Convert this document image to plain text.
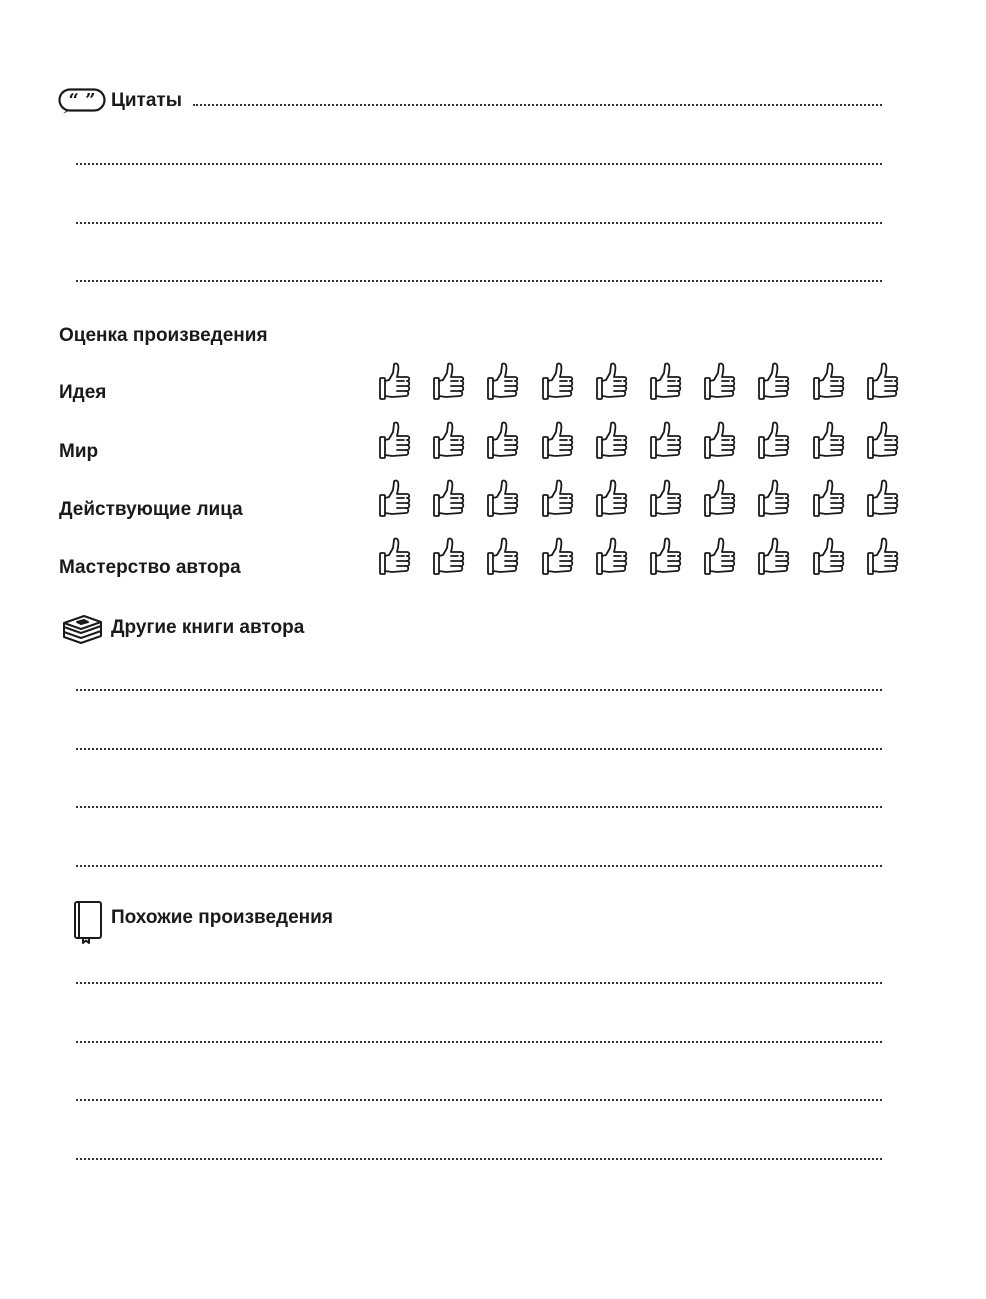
“ ” Цитаты
Оценка произведения
Идея
Мир
Действующие лица
Мастерство автора
Другие книги автора
Похожие произведения
